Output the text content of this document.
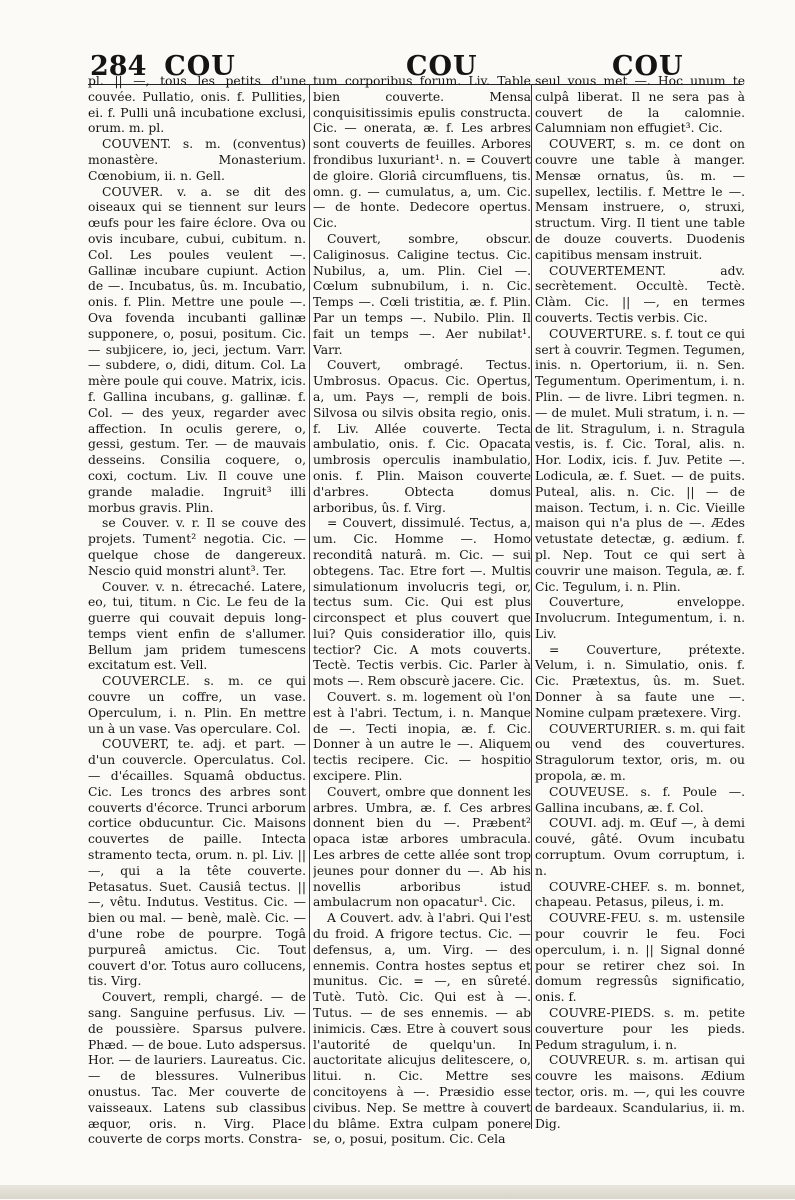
284 COU	COU	COU
pl. || —, tous les petits d'une couvée. Pullatio, onis. f. Pullities, ei. f. Pulli unâ incubatione exclusi, orum. m. pl.
COUVENT. s. m. (conventus) monastère. Monasterium. Cœnobium, ii. n. Gell.
COUVER. v. a. se dit des oiseaux qui se tiennent sur leurs œufs pour les faire éclore. Ova ou ovis incubare, cubui, cubitum. n. Col. Les poules veulent —. Gallinæ incubare cupiunt. Action de —. Incubatus, ûs. m. Incubatio, onis. f. Plin. Mettre une poule —. Ova fovenda incubanti gallinæ supponere, o, posui, positum. Cic. — subjicere, io, jeci, jectum. Varr. — subdere, o, didi, ditum. Col. La mère poule qui couve. Matrix, icis. f. Gallina incubans, g. gallinæ. f. Col. — des yeux, regarder avec affection. In oculis gerere, o, gessi, gestum. Ter. — de mauvais desseins. Consilia coquere, o, coxi, coctum. Liv. Il couve une grande maladie. Ingruit³ illi morbus gravis. Plin.
se Couver. v. r. Il se couve des projets. Tument² negotia. Cic. — quelque chose de dangereux. Nescio quid monstri alunt³. Ter.
Couver. v. n. étrecaché. Latere, eo, tui, titum. n Cic. Le feu de la guerre qui couvait depuis long-temps vient enfin de s'allumer. Bellum jam pridem tumescens excitatum est. Vell.
COUVERCLE. s. m. ce qui couvre un coffre, un vase. Operculum, i. n. Plin. En mettre un à un vase. Vas operculare. Col.
COUVERT, te. adj. et part. — d'un couvercle. Operculatus. Col. — d'écailles. Squamâ obductus. Cic. Les troncs des arbres sont couverts d'écorce. Trunci arborum cortice obducuntur. Cic. Maisons couvertes de paille. Intecta stramento tecta, orum. n. pl. Liv. || —, qui a la tête couverte. Petasatus. Suet. Causiâ tectus. || —, vêtu. Indutus. Vestitus. Cic. — bien ou mal. — benè, malè. Cic. — d'une robe de pourpre. Togâ purpureâ amictus. Cic. Tout couvert d'or. Totus auro collucens, tis. Virg.
Couvert, rempli, chargé. — de sang. Sanguine perfusus. Liv. — de poussière. Sparsus pulvere. Phæd. — de boue. Luto adspersus. Hor. — de lauriers. Laureatus. Cic. — de blessures. Vulneribus onustus. Tac. Mer couverte de vaisseaux. Latens sub classibus æquor, oris. n. Virg. Place couverte de corps morts. Constra-
tum corporibus forum. Liv. Table bien couverte. Mensa conquisitissimis epulis constructa. Cic. — onerata, æ. f. Les arbres sont couverts de feuilles. Arbores frondibus luxuriant¹. n. = Couvert de gloire. Gloriâ circumfluens, tis. omn. g. — cumulatus, a, um. Cic. — de honte. Dedecore opertus. Cic.
Couvert, sombre, obscur. Caliginosus. Caligine tectus. Cic. Nubilus, a, um. Plin. Ciel —. Cœlum subnubilum, i. n. Cic. Temps —. Cœli tristitia, æ. f. Plin. Par un temps —. Nubilo. Plin. Il fait un temps —. Aer nubilat¹. Varr.
Couvert, ombragé. Tectus. Umbrosus. Opacus. Cic. Opertus, a, um. Pays —, rempli de bois. Silvosa ou silvis obsita regio, onis. f. Liv. Allée couverte. Tecta ambulatio, onis. f. Cic. Opacata umbrosis operculis inambulatio, onis. f. Plin. Maison couverte d'arbres. Obtecta domus arboribus, ûs. f. Virg.
= Couvert, dissimulé. Tectus, a, um. Cic. Homme —. Homo reconditâ naturâ. m. Cic. — sui obtegens. Tac. Etre fort —. Multis simulationum involucris tegi, or, tectus sum. Cic. Qui est plus circonspect et plus couvert que lui? Quis consideratior illo, quis tectior? Cic. A mots couverts. Tectè. Tectis verbis. Cic. Parler à mots —. Rem obscurè jacere. Cic.
Couvert. s. m. logement où l'on est à l'abri. Tectum, i. n. Manque de —. Tecti inopia, æ. f. Cic. Donner à un autre le —. Aliquem tectis recipere. Cic. — hospitio excipere. Plin.
Couvert, ombre que donnent les arbres. Umbra, æ. f. Ces arbres donnent bien du —. Præbent² opaca istæ arbores umbracula. Les arbres de cette allée sont trop jeunes pour donner du —. Ab his novellis arboribus istud ambulacrum non opacatur¹. Cic.
A Couvert. adv. à l'abri. Qui l'est du froid. A frigore tectus. Cic. — defensus, a, um. Virg. — des ennemis. Contra hostes septus et munitus. Cic. = —, en sûreté. Tutè. Tutò. Cic. Qui est à —. Tutus. — de ses ennemis. — ab inimicis. Cæs. Etre à couvert sous l'autorité de quelqu'un. In auctoritate alicujus delitescere, o, litui. n. Cic. Mettre ses concitoyens à —. Præsidio esse civibus. Nep. Se mettre à couvert du blâme. Extra culpam ponere se, o, posui, positum. Cic. Cela
seul vous met —. Hoc unum te culpâ liberat. Il ne sera pas à couvert de la calomnie. Calumniam non effugiet³. Cic.
COUVERT, s. m. ce dont on couvre une table à manger. Mensæ ornatus, ûs. m. — supellex, lectilis. f. Mettre le —. Mensam instruere, o, struxi, structum. Virg. Il tient une table de douze couverts. Duodenis capitibus mensam instruit.
COUVERTEMENT. adv. secrètement. Occultè. Tectè. Clàm. Cic. || —, en termes couverts. Tectis verbis. Cic.
COUVERTURE. s. f. tout ce qui sert à couvrir. Tegmen. Tegumen, inis. n. Opertorium, ii. n. Sen. Tegumentum. Operimentum, i. n. Plin. — de livre. Libri tegmen. n. — de mulet. Muli stratum, i. n. — de lit. Stragulum, i. n. Stragula vestis, is. f. Cic. Toral, alis. n. Hor. Lodix, icis. f. Juv. Petite —. Lodicula, æ. f. Suet. — de puits. Puteal, alis. n. Cic. || — de maison. Tectum, i. n. Cic. Vieille maison qui n'a plus de —. Ædes vetustate detectæ, g. ædium. f. pl. Nep. Tout ce qui sert à couvrir une maison. Tegula, æ. f. Cic. Tegulum, i. n. Plin.
Couverture, enveloppe. Involucrum. Integumentum, i. n. Liv.
= Couverture, prétexte. Velum, i. n. Simulatio, onis. f. Cic. Prætextus, ûs. m. Suet. Donner à sa faute une —. Nomine culpam prætexere. Virg.
COUVERTURIER. s. m. qui fait ou vend des couvertures. Stragulorum textor, oris, m. ou propola, æ. m.
COUVEUSE. s. f. Poule —. Gallina incubans, æ. f. Col.
COUVI. adj. m. Œuf —, à demi couvé, gâté. Ovum incubatu corruptum. Ovum corruptum, i. n.
COUVRE-CHEF. s. m. bonnet, chapeau. Petasus, pileus, i. m.
COUVRE-FEU. s. m. ustensile pour couvrir le feu. Foci operculum, i. n. || Signal donné pour se retirer chez soi. In domum regressûs significatio, onis. f.
COUVRE-PIEDS. s. m. petite couverture pour les pieds. Pedum stragulum, i. n.
COUVREUR. s. m. artisan qui couvre les maisons. Ædium tector, oris. m. —, qui les couvre de bardeaux. Scandularius, ii. m. Dig.
